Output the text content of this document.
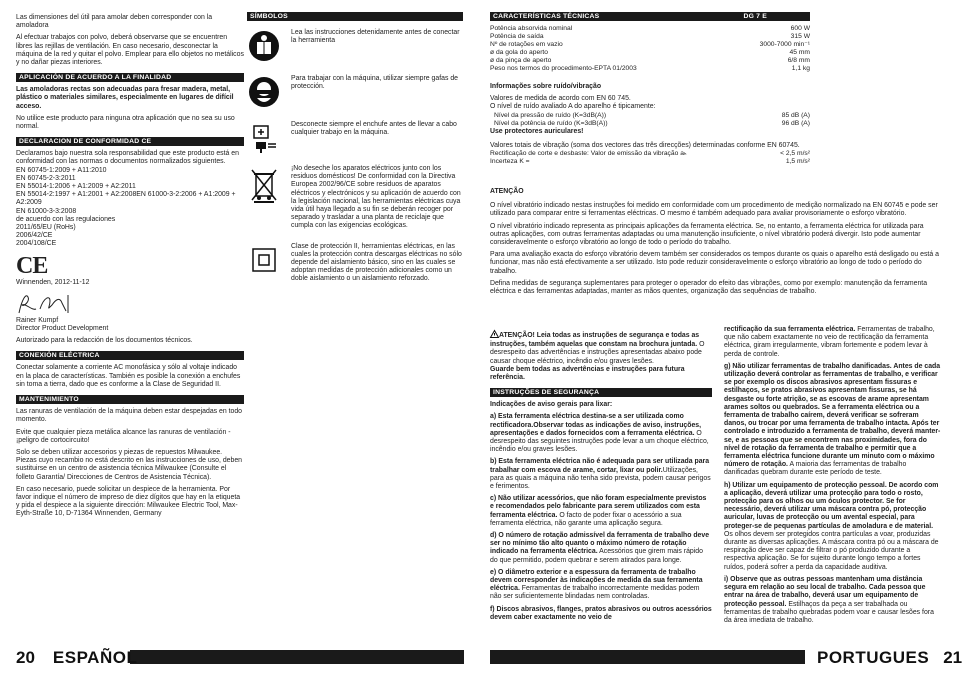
Las dimensiones del útil para amolar deben corresponder con la amoladora

Al efectuar trabajos con polvo, deberá observarse que se encuentren libres las rejillas de ventilación. En caso necesario, desconectar la máquina de la red y quitar el polvo. Emplear para ello objetos no metálicos y no dañar piezas interiores.

APLICACIÓN DE ACUERDO A LA FINALIDAD

Las amoladoras rectas son adecuadas para fresar madera, metal, plástico o materiales similares, especialmente en lugares de difícil acceso.

No utilice este producto para ninguna otra aplicación que no sea su uso normal.

DECLARACION DE CONFORMIDAD CE

Declaramos bajo nuestra sola responsabilidad que este producto está en conformidad con las normas o documentos normalizados siguientes.
EN 60745-1:2009 + A11:2010
EN 60745-2-3:2011
EN 55014-1:2006 + A1:2009 + A2:2011
EN 55014-2:1997 + A1:2001 + A2:2008EN 61000-3-2:2006 + A1:2009 + A2:2009
EN 61000-3-3:2008
de acuerdo con las regulaciones
2011/65/EU (RoHs)
2006/42/CE
2004/108/CE

CE

Winnenden, 2012-11-12

Rainer Kumpf

Director Product Development

Autorizado para la redacción de los documentos técnicos.

CONEXIÓN ELÉCTRICA

Conectar solamente a corriente AC monofásica y sólo al voltaje indicado en la placa de características. También es posible la conexión a enchufes sin toma a tierra, dado que es conforme a la Clase de Seguridad II.

MANTENIMIENTO

Las ranuras de ventilación de la máquina deben estar despejadas en todo momento.

Evite que cualquier pieza metálica alcance las ranuras de ventilación - ¡peligro de cortocircuito!

Solo se deben utilizar accesorios y piezas de repuestos Milwaukee. Piezas cuyo recambio no está descrito en las instrucciones de uso, deben sustituirse en un centro de asistencia técnica Milwaukee (Consulte el folleto Garantía/ Direcciones de Centros de Asistencia Técnica).

En caso necesario, puede solicitar un despiece de la herramienta. Por favor indique el número de impreso de diez dígitos que hay en la etiqueta y pida el despiece a la siguiente dirección: Milwaukee Electric Tool, Max-Eyth-Straße 10, D-71364 Winnenden, Germany

SÍMBOLOS
Lea las instrucciones detenidamente antes de conectar la herramienta
Para trabajar con la máquina, utilizar siempre gafas de protección.
Desconecte siempre el enchufe antes de llevar a cabo cualquier trabajo en la máquina.
¡No deseche los aparatos eléctricos junto con los residuos domésticos! De conformidad con la Directiva Europea 2002/96/CE sobre residuos de aparatos eléctricos y electrónicos y su aplicación de acuerdo con la legislación nacional, las herramientas eléctricas cuya vida útil haya llegado a su fin se deberán recoger por separado y trasladar a una planta de reciclaje que cumpla con las exigencias ecológicas.
Clase de protección II, herramientas eléctricas, en las cuales la protección contra descargas eléctricas no sólo depende del aislamiento básico, sino en las cuales se adoptan medidas de protección adicionales como un doble aislamiento o un aislamiento reforzado.
20 ESPAÑOL
CARACTERÍSTICAS TÉCNICAS	DG 7 E
Potência absorvida nominal	600 W
Potência de saída	315 W
Nº de rotações em vazio	3000-7000 min⁻¹
ø da gola do aperto	45 mm
ø da pinça de aperto	6/8 mm
Peso nos termos do procedimento-EPTA 01/2003	1,1 kg

Informações sobre ruído/vibração

Valores de medida de acordo com EN 60 745.
O nível de ruído avaliado A do aparelho é tipicamente:

Nível da pressão de ruído (K=3dB(A))	85 dB (A)
Nível da potência de ruído (K=3dB(A))	96 dB (A)

Use protectores auriculares!

Valores totais de vibração (soma dos vectores das três direcções) determinadas conforme EN 60745.

Rectificação de corte e desbaste: Valor de emissão da vibração aₕ	< 2,5 m/s²
Incerteza K =	1,5 m/s²

ATENÇÃO

O nível vibratório indicado nestas instruções foi medido em conformidade com um procedimento de medição normalizado na EN 60745 e pode ser utilizado para comparar entre si ferramentas eléctricas. O mesmo é também adequado para avaliar provisoriamente o esforço vibratório.

O nível vibratório indicado representa as principais aplicações da ferramenta eléctrica. Se, no entanto, a ferramenta eléctrica for utilizada para outras aplicações, com outras ferramentas adaptadas ou uma manutenção insuficiente, o nível vibratório poderá divergir. Isto pode aumentar consideravelmente o esforço vibratório ao longo de todo o período do trabalho.

Para uma avaliação exacta do esforço vibratório devem também ser considerados os tempos durante os quais o aparelho está desligado ou está a funcionar, mas não está efectivamente a ser utilizado. Isto pode reduzir consideravelmente o esforço vibratório ao longo de todo o período do trabalho.

Defina medidas de segurança suplementares para proteger o operador do efeito das vibrações, como por exemplo: manutenção da ferramenta eléctrica e das ferramentas adaptadas, manter as mãos quentes, organização das sequências de trabalho.

ATENÇÃO! Leia todas as instruções de segurança e todas as instruções, também aquelas que constam na brochura juntada. O desrespeito das advertências e instruções apresentadas abaixo pode causar choque eléctrico, incêndio e/ou graves lesões.
Guarde bem todas as advertências e instruções para futura referência.

INSTRUÇÕES DE SEGURANÇA

Indicações de aviso gerais para lixar:

a) Esta ferramenta eléctrica destina-se a ser utilizada como rectificadora.Observar todas as indicações de aviso, instruções, apresentações e dados fornecidos com a ferramenta eléctrica. O desrespeito das seguintes instruções pode levar a um choque eléctrico, incêndio e/ou graves lesões.

b) Esta ferramenta eléctrica não é adequada para ser utilizada para trabalhar com escova de arame, cortar, lixar ou polir.Utilizações, para as quais a máquina não tenha sido prevista, podem causar perigos e ferimentos.

c) Não utilizar acessórios, que não foram especialmente previstos e recomendados pelo fabricante para serem utilizados com esta ferramenta eléctrica. O facto de poder fixar o acessório a sua ferramenta eléctrica, não garante uma aplicação segura.

d) O número de rotação admissível da ferramenta de trabalho deve ser no mínimo tão alto quanto o máximo número de rotação indicado na ferramenta eléctrica. Acessórios que girem mais rápido do que permitido, podem quebrar e serem atirados para longe.

e) O diâmetro exterior e a espessura da ferramenta de trabalho devem corresponder às indicações de medida da sua ferramenta eléctrica. Ferramentas de trabalho incorrectamente medidas podem não ser suficientemente blindadas nem controladas.

f) Discos abrasivos, flanges, pratos abrasivos ou outros acessórios devem caber exactamente no veio de

rectificação da sua ferramenta eléctrica. Ferramentas de trabalho, que não cabem exactamente no veio de rectificação da ferramenta eléctrica, giram irregularmente, vibram fortemente e podem levar à perda de controle.

g) Não utilizar ferramentas de trabalho danificadas. Antes de cada utilização deverá controlar as ferramentas de trabalho, e verificar se por exemplo os discos abrasivos apresentam fissuras e estilhaços, se pratos abrasivos apresentam fissuras, se há desgaste ou forte atrição, se as escovas de arame apresentam arames soltos ou quebrados. Se a ferramenta eléctrica ou a ferramenta de trabalho caírem, deverá verificar se sofreram danos, ou trocar por uma ferramenta de trabalho intacta. Após ter controlado e introduzido a ferramenta de trabalho, deverá manter-se, e as pessoas que se encontrem nas proximidades, fora do nível de rotação da ferramenta de trabalho e permitir que a ferramenta eléctrica funcione durante um minuto com o máximo número de rotação. A maioria das ferramentas de trabalho danificadas quebram durante este período de teste.

h) Utilizar um equipamento de protecção pessoal. De acordo com a aplicação, deverá utilizar uma protecção para todo o rosto, protecção para os olhos ou um óculos protector. Se for necessário, deverá utilizar uma máscara contra pó, protecção auricular, luvas de protecção ou um avental especial, para proteger-se de pequenas partículas de amoladura e de material. Os olhos devem ser protegidos contra partículas a voar, produzidas durante as diversas aplicações. A máscara contra pó ou a máscara de respiração deve ser capaz de filtrar o pó produzido durante a respectiva aplicação. Se for sujeito durante longo tempo a fortes ruídos, poderá sofrer a perda da capacidade auditiva.

i) Observe que as outras pessoas mantenham uma distância segura em relação ao seu local de trabalho. Cada pessoa que entrar na área de trabalho, deverá usar um equipamento de protecção pessoal. Estilhaços da peça a ser trabalhada ou ferramentas de trabalho quebradas podem voar e causar lesões fora da área imediata de trabalho.

PORTUGUES 21
